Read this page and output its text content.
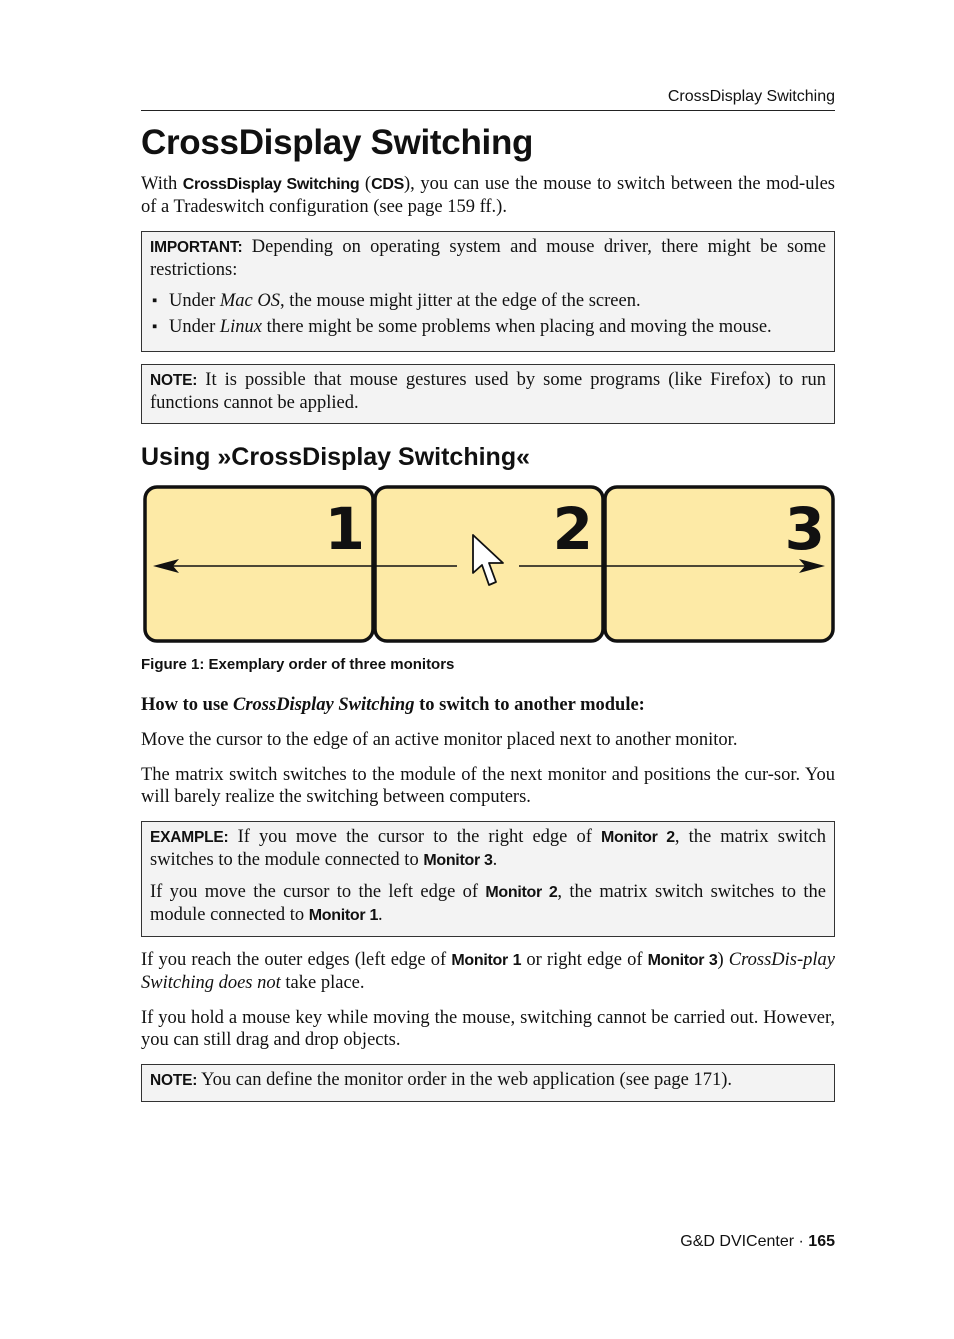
CrossDisplay Switching
CrossDisplay Switching

With CrossDisplay Switching (CDS), you can use the mouse to switch between the mod-ules of a Tradeswitch configuration (see page 159 ff.).

IMPORTANT: Depending on operating system and mouse driver, there might be some restrictions:

▪ Under Mac OS, the mouse might jitter at the edge of the screen.
▪ Under Linux there might be some problems when placing and moving the mouse.

NOTE: It is possible that mouse gestures used by some programs (like Firefox) to run functions cannot be applied.

Using »CrossDisplay Switching«
1	2	3
Figure 1: Exemplary order of three monitors
How to use CrossDisplay Switching to switch to another module:

Move the cursor to the edge of an active monitor placed next to another monitor.

The matrix switch switches to the module of the next monitor and positions the cur-sor. You will barely realize the switching between computers.

EXAMPLE: If you move the cursor to the right edge of Monitor 2, the matrix switch switches to the module connected to Monitor 3.

If you move the cursor to the left edge of Monitor 2, the matrix switch switches to the module connected to Monitor 1.

If you reach the outer edges (left edge of Monitor 1 or right edge of Monitor 3) CrossDis-play Switching does not take place.

If you hold a mouse key while moving the mouse, switching cannot be carried out. However, you can still drag and drop objects.

NOTE: You can define the monitor order in the web application (see page 171).

G&D DVICenter · 165
